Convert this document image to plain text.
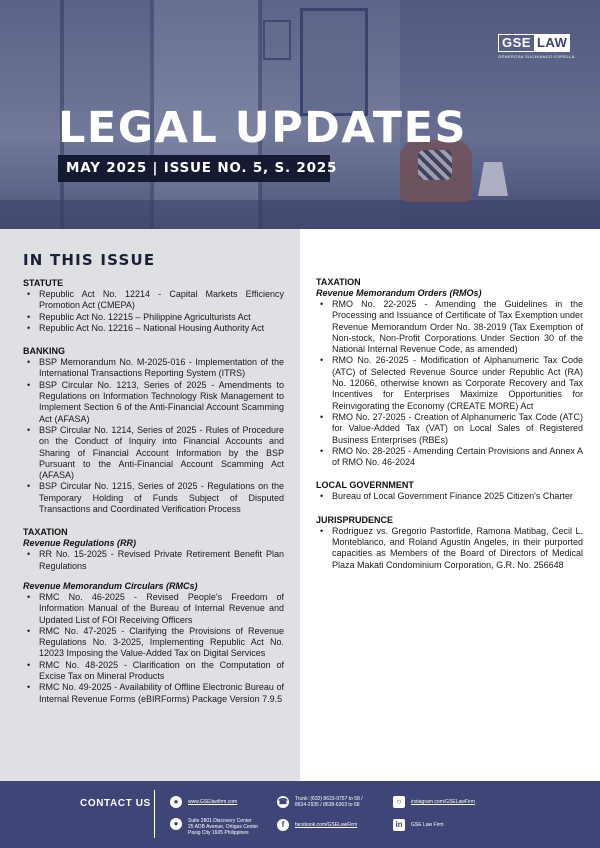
GSE LAW
GENEROSA SUCHIANCO ESPELLA
LEGAL UPDATES
MAY 2025 | ISSUE NO. 5, S. 2025
IN THIS ISSUE
STATUTE
• Republic Act No. 12214 - Capital Markets Efficiency Promotion Act (CMEPA)
• Republic Act No. 12215 – Philippine Agriculturists Act
• Republic Act No. 12216 – National Housing Authority Act
BANKING
• BSP Memorandum No. M-2025-016 - Implementation of the International Transactions Reporting System (ITRS)
• BSP Circular No. 1213, Series of 2025 - Amendments to Regulations on Information Technology Risk Management to Implement Section 6 of the Anti-Financial Account Scamming Act (AFASA)
• BSP Circular No. 1214, Series of 2025 - Rules of Procedure on the Conduct of Inquiry into Financial Accounts and Sharing of Financial Account Information by the BSP Pursuant to the Anti-Financial Account Scamming Act (AFASA)
• BSP Circular No. 1215, Series of 2025 - Regulations on the Temporary Holding of Funds Subject of Disputed Transactions and Coordinated Verification Process
TAXATION
Revenue Regulations (RR)
• RR No. 15-2025 - Revised Private Retirement Benefit Plan Regulations
Revenue Memorandum Circulars (RMCs)
• RMC No. 46-2025 - Revised People's Freedom of Information Manual of the Bureau of Internal Revenue and Updated List of FOI Receiving Officers
• RMC No. 47-2025 - Clarifying the Provisions of Revenue Regulations No. 3-2025, Implementing Republic Act No. 12023 Imposing the Value-Added Tax on Digital Services
• RMC No. 48-2025 - Clarification on the Computation of Excise Tax on Mineral Products
• RMC No. 49-2025 - Availability of Offline Electronic Bureau of Internal Revenue Forms (eBIRForms) Package Version 7.9.5
TAXATION
Revenue Memorandum Orders (RMOs)
• RMO No. 22-2025 - Amending the Guidelines in the Processing and Issuance of Certificate of Tax Exemption under Revenue Memorandum Order No. 38-2019 (Tax Exemption of Non-stock, Non-Profit Corporations Under Section 30 of the National Internal Revenue Code, as amended)
• RMO No. 26-2025 - Modification of Alphanumeric Tax Code (ATC) of Selected Revenue Source under Republic Act (RA) No. 12066, otherwise known as Corporate Recovery and Tax Incentives for Enterprises Maximize Opportunities for Reinvigorating the Economy (CREATE MORE) Act
• RMO No. 27-2025 - Creation of Alphanumeric Tax Code (ATC) for Value-Added Tax (VAT) on Local Sales of Registered Business Enterprises (RBEs)
• RMO No. 28-2025 - Amending Certain Provisions and Annex A of RMO No. 46-2024
LOCAL GOVERNMENT
• Bureau of Local Government Finance 2025 Citizen's Charter
JURISPRUDENCE
• Rodriguez vs. Gregorio Pastorfide, Ramona Matibag, Cecil L. Monteblanco, and Roland Agustin Angeles, in their purported capacities as Members of the Board of Directors of Medical Plaza Makati Condominium Corporation, G.R. No. 256648
CONTACT US	●	www.GSElawfirm.com
●	Suite 2801 Discovery Center
25 ADB Avenue, Ortigas Center
Pasig City 1605 Philippines
☎ Trunk: (632) 8633-9757 to 58 /
8634-2935 / 8638-6363 to 68
f	facebook.com/GSELawFirm
○	instagram.com/GSELawFirm
in	GSE Law Firm
